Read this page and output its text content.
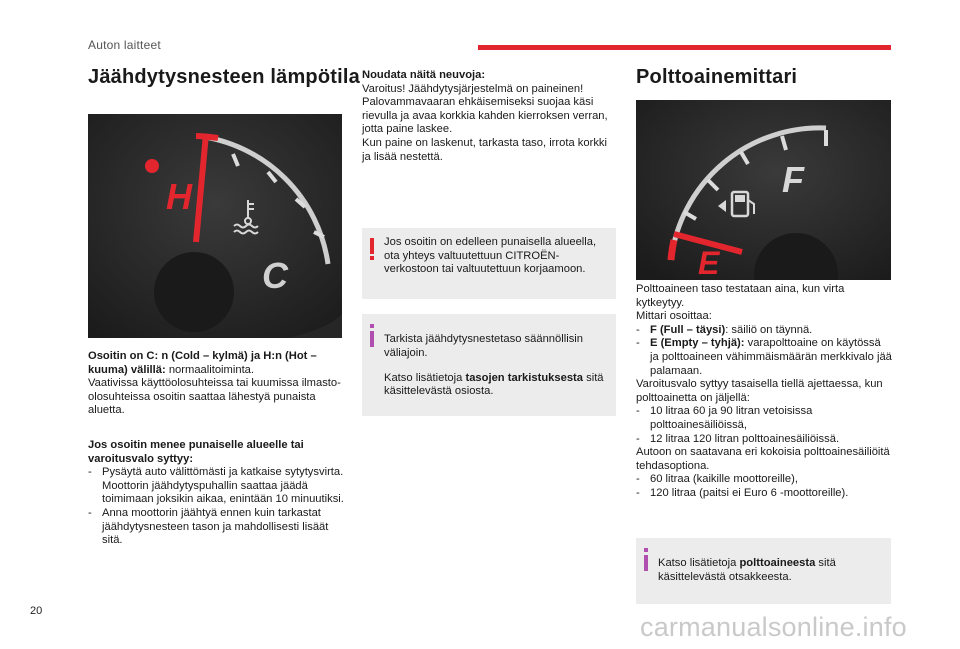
Auton laitteet
Jäähdytysnesteen lämpötila
H
C

Osoitin on C: n (Cold – kylmä) ja H:n (Hot – kuuma) välillä: normaalitoiminta.

Vaativissa käyttöolosuhteissa tai kuumissa ilmasto-olosuhteissa osoitin saattaa lähestyä punaista aluetta.

Jos osoitin menee punaiselle alueelle tai varoitusvalo syttyy:

- Pysäytä auto välittömästi ja katkaise sytytysvirta. Moottorin jäähdytyspuhallin saattaa jäädä toimimaan joksikin aikaa, enintään 10 minuutiksi.
- Anna moottorin jäähtyä ennen kuin tarkastat jäähdytysnesteen tason ja mahdollisesti lisäät sitä.

Noudata näitä neuvoja:

Varoitus! Jäähdytysjärjestelmä on paineinen! Palovammavaaran ehkäisemiseksi suojaa käsi rievulla ja avaa korkkia kahden kierroksen verran, jotta paine laskee.

Kun paine on laskenut, tarkasta taso, irrota korkki ja lisää nestettä.

Jos osoitin on edelleen punaisella alueella, ota yhteys valtuutettuun CITROËN-verkostoon tai valtuutettuun korjaamoon.

Tarkista jäähdytysnestetaso säännöllisin väliajoin.

Katso lisätietoja tasojen tarkistuksesta sitä käsittelevästä osiosta.

Polttoainemittari
F
E

Polttoaineen taso testataan aina, kun virta kytkeytyy.

Mittari osoittaa:

- F (Full – täysi): säiliö on täynnä.
- E (Empty – tyhjä): varapolttoaine on käytössä ja polttoaineen vähimmäismäärän merkkivalo jää palamaan.

Varoitusvalo syttyy tasaisella tiellä ajettaessa, kun polttoainetta on jäljellä:

- 10 litraa 60 ja 90 litran vetoisissa polttoainesäiliöissä,
- 12 litraa 120 litran polttoainesäiliöissä.

Autoon on saatavana eri kokoisia polttoainesäiliöitä tehdasoptiona.

- 60 litraa (kaikille moottoreille),
- 120 litraa (paitsi ei Euro 6 -moottoreille).

Katso lisätietoja polttoaineesta sitä käsittelevästä otsakkeesta.

20
carmanualsonline.info
